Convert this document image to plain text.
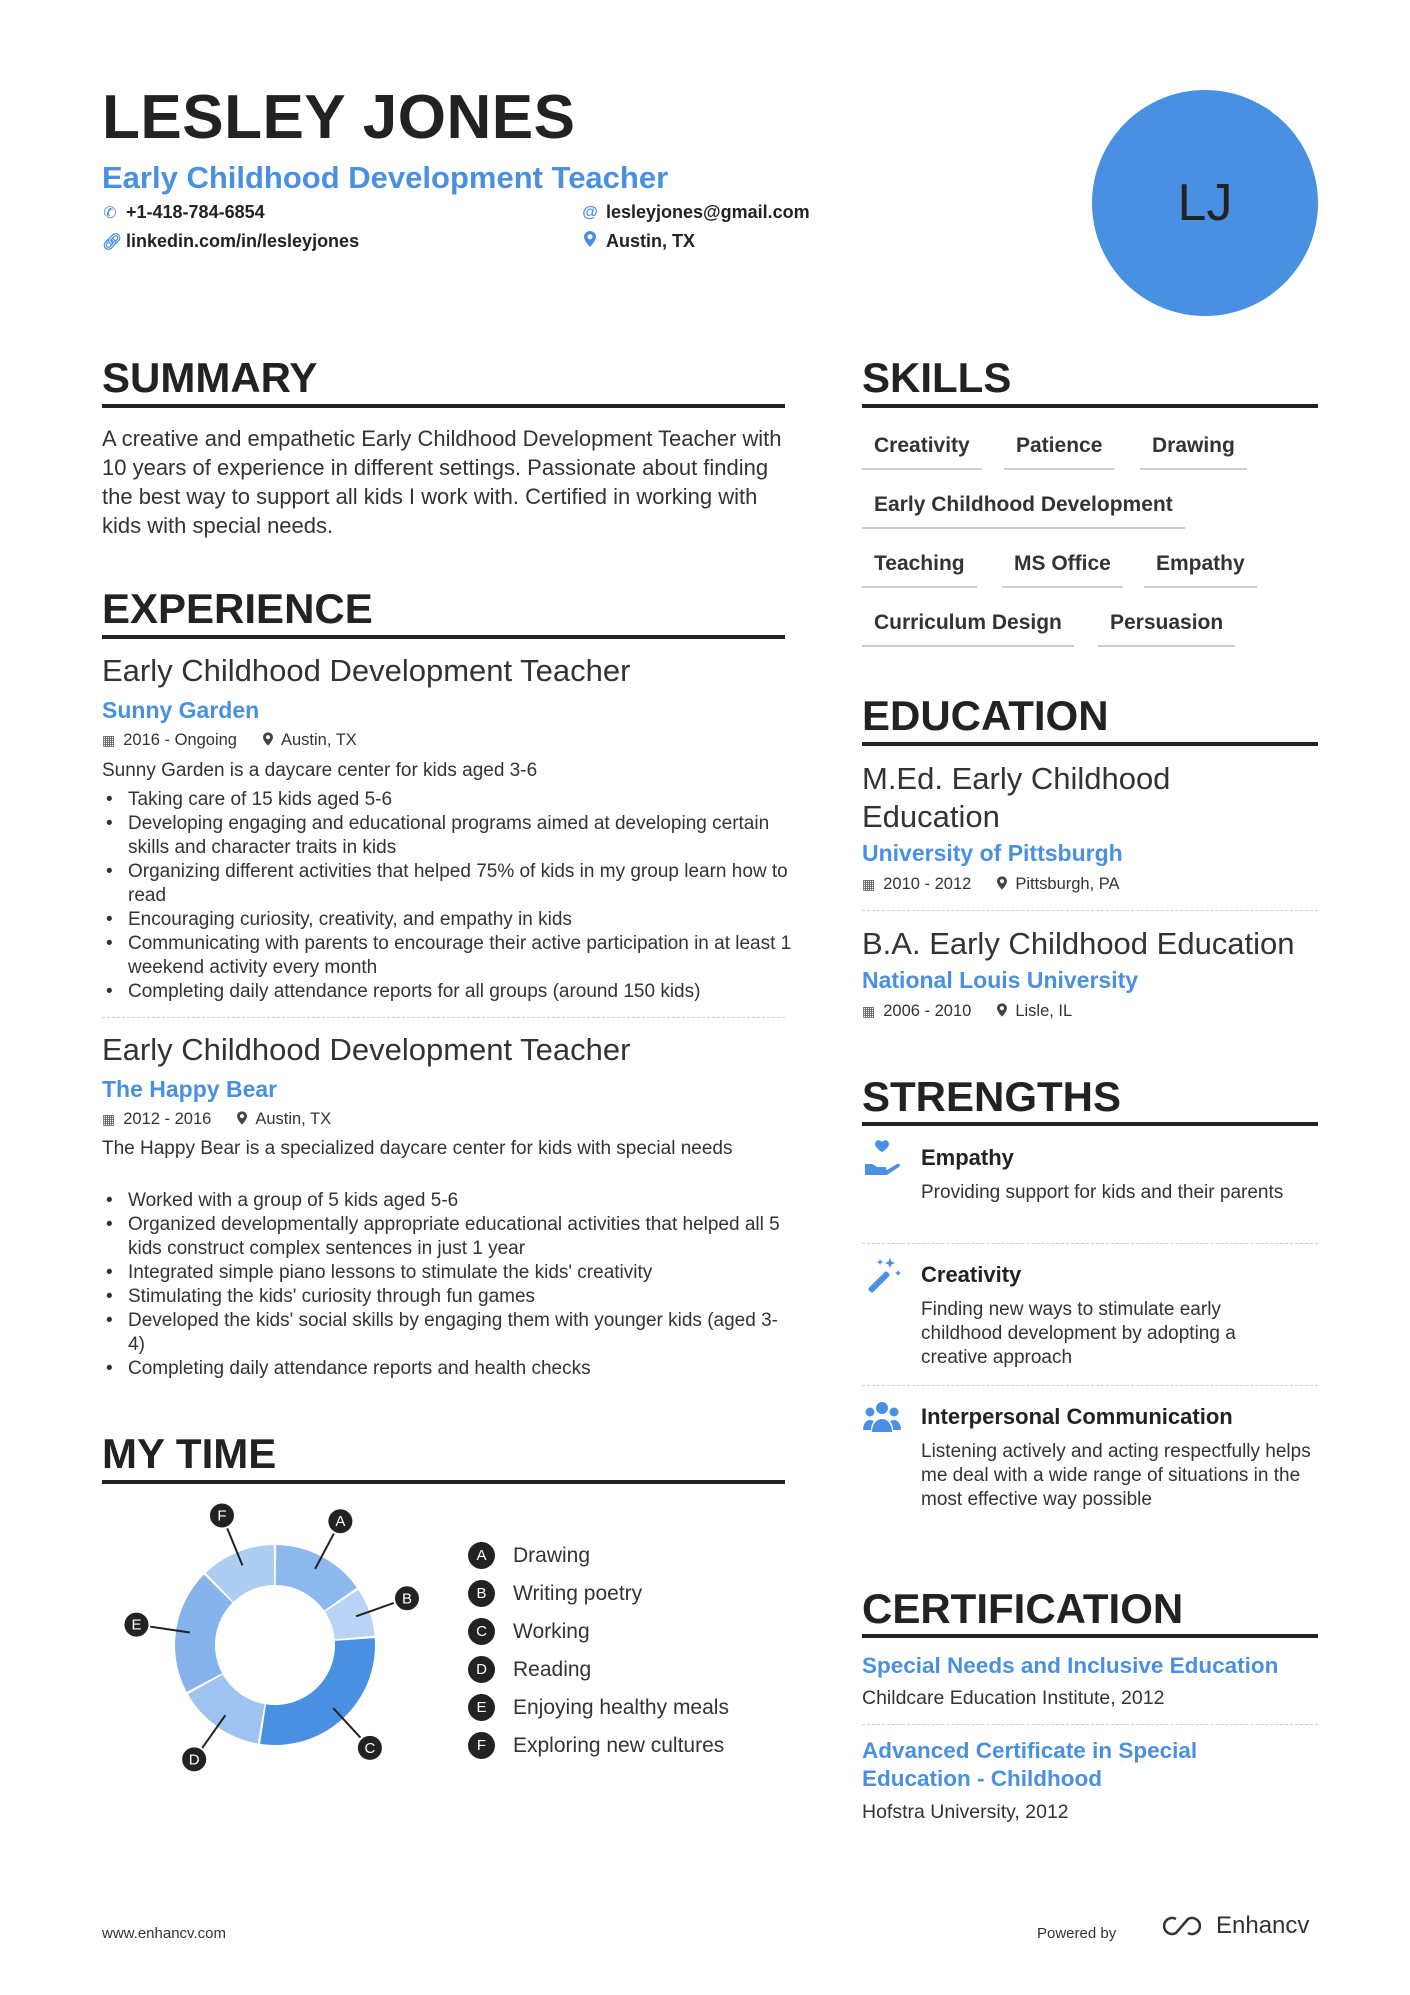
LESLEY JONES
Early Childhood Development Teacher
✆ +1-418-784-6854	@ lesleyjones@gmail.com
🔗︎ linkedin.com/in/lesleyjones	Austin, TX
LJ
SUMMARY
A creative and empathetic Early Childhood Development Teacher with 10 years of experience in different settings. Passionate about finding the best way to support all kids I work with. Certified in working with kids with special needs.
EXPERIENCE
Early Childhood Development Teacher
Sunny Garden
▦ 2016 - Ongoing	Austin, TX
Sunny Garden is a daycare center for kids aged 3-6
• Taking care of 15 kids aged 5-6
• Developing engaging and educational programs aimed at developing certain skills and character traits in kids
• Organizing different activities that helped 75% of kids in my group learn how to read
• Encouraging curiosity, creativity, and empathy in kids
• Communicating with parents to encourage their active participation in at least 1 weekend activity every month
• Completing daily attendance reports for all groups (around 150 kids)
Early Childhood Development Teacher
The Happy Bear
▦ 2012 - 2016	Austin, TX
The Happy Bear is a specialized daycare center for kids with special needs
• Worked with a group of 5 kids aged 5-6
• Organized developmentally appropriate educational activities that helped all 5 kids construct complex sentences in just 1 year
• Integrated simple piano lessons to stimulate the kids' creativity
• Stimulating the kids' curiosity through fun games
• Developed the kids' social skills by engaging them with younger kids (aged 3-4)
• Completing daily attendance reports and health checks
MY TIME
A
B
C
D
E
F
A	Drawing
B	Writing poetry
C	Working
D	Reading
E	Enjoying healthy meals
F	Exploring new cultures
SKILLS
Creativity	Patience	Drawing
Early Childhood Development
Teaching	MS Office	Empathy
Curriculum Design	Persuasion
EDUCATION
M.Ed. Early Childhood Education
University of Pittsburgh
▦ 2010 - 2012	Pittsburgh, PA
B.A. Early Childhood Education
National Louis University
▦ 2006 - 2010	Lisle, IL
STRENGTHS
Empathy
Providing support for kids and their parents
Creativity
Finding new ways to stimulate early childhood development by adopting a creative approach
Interpersonal Communication
Listening actively and acting respectfully helps me deal with a wide range of situations in the most effective way possible
CERTIFICATION
Special Needs and Inclusive Education
Childcare Education Institute, 2012
Advanced Certificate in Special Education - Childhood
Hofstra University, 2012
www.enhancv.com	Powered by	Enhancv
